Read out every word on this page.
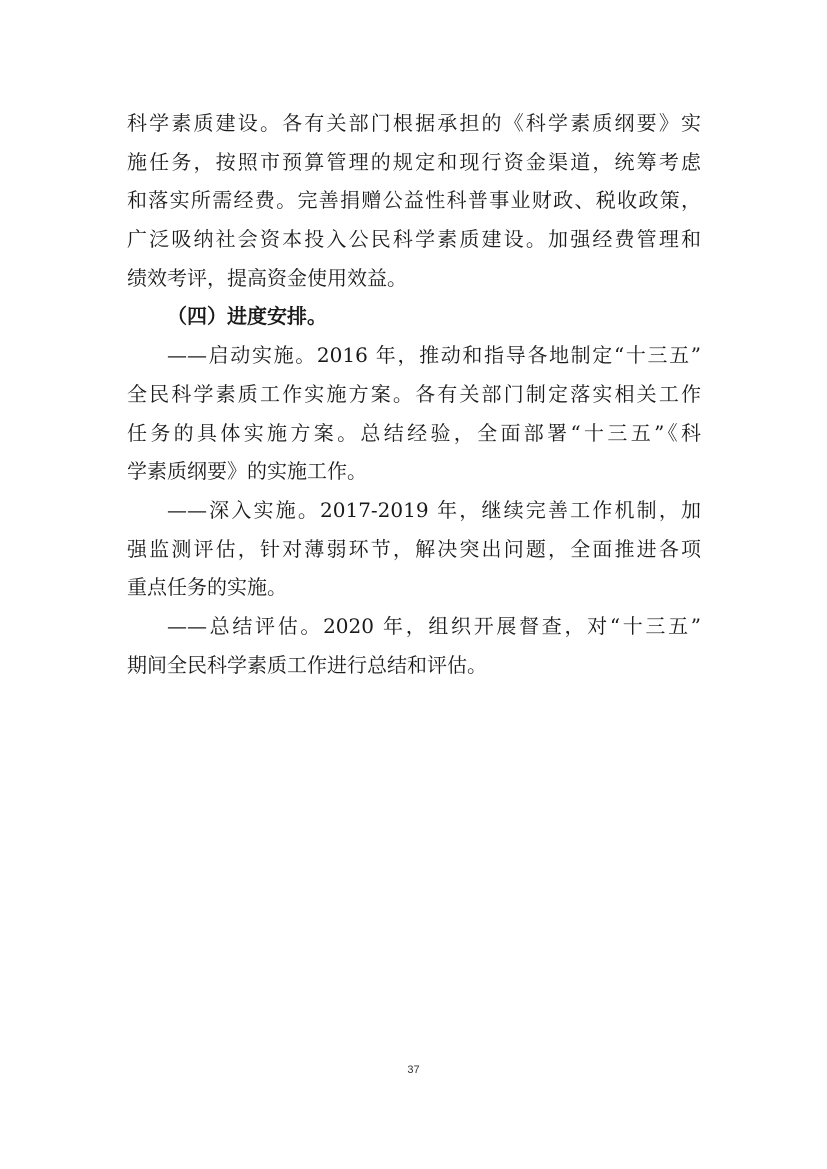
科学素质建设。各有关部门根据承担的《科学素质纲要》实
施任务，按照市预算管理的规定和现行资金渠道，统筹考虑
和落实所需经费。完善捐赠公益性科普事业财政、税收政策，
广泛吸纳社会资本投入公民科学素质建设。加强经费管理和
绩效考评，提高资金使用效益。
（四）进度安排。
——启动实施。2016 年，推动和指导各地制定“十三五”
全民科学素质工作实施方案。各有关部门制定落实相关工作
任务的具体实施方案。总结经验，全面部署“十三五”《科
学素质纲要》的实施工作。
——深入实施。2017-2019 年，继续完善工作机制，加
强监测评估，针对薄弱环节，解决突出问题，全面推进各项
重点任务的实施。
——总结评估。2020 年，组织开展督查，对“十三五”
期间全民科学素质工作进行总结和评估。
37
